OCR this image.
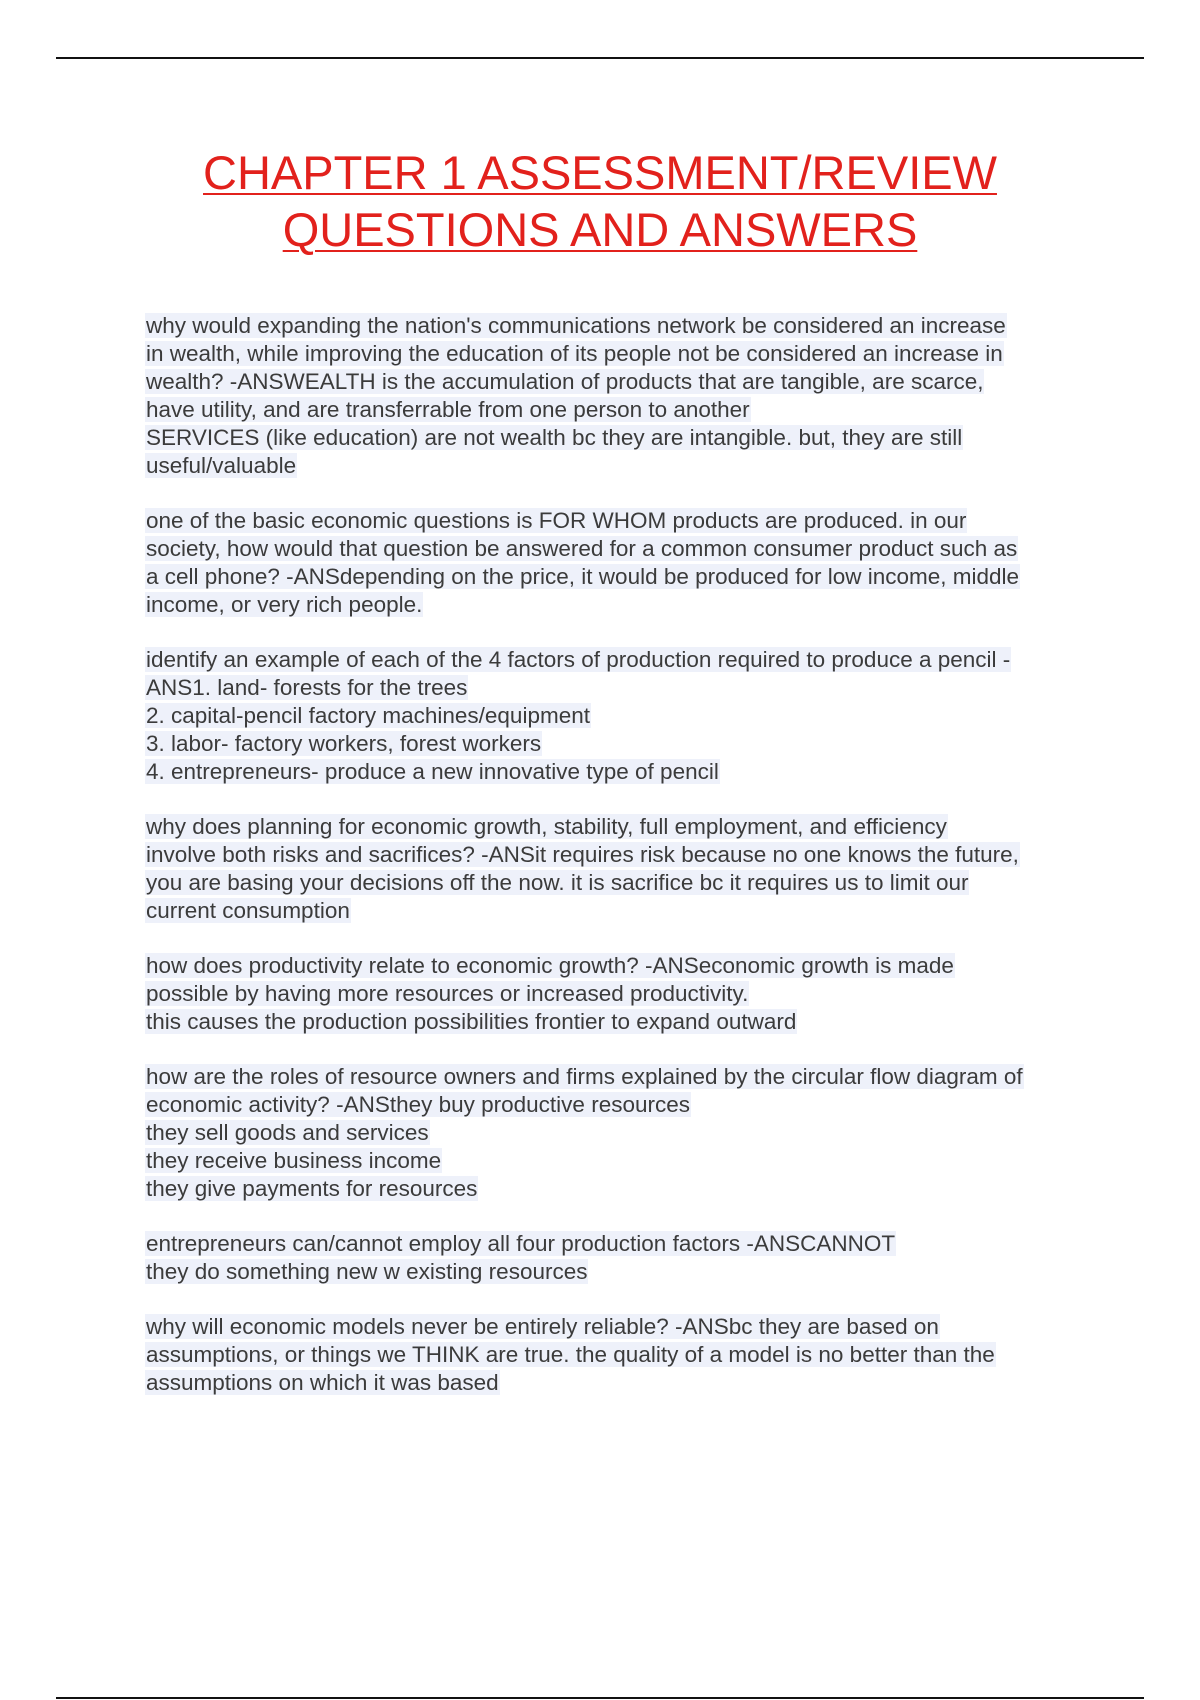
CHAPTER 1 ASSESSMENT/REVIEW
QUESTIONS AND ANSWERS
why would expanding the nation's communications network be considered an increase
in wealth, while improving the education of its people not be considered an increase in
wealth? -ANSWEALTH is the accumulation of products that are tangible, are scarce,
have utility, and are transferrable from one person to another
SERVICES (like education) are not wealth bc they are intangible. but, they are still
useful/valuable
one of the basic economic questions is FOR WHOM products are produced. in our
society, how would that question be answered for a common consumer product such as
a cell phone? -ANSdepending on the price, it would be produced for low income, middle
income, or very rich people.
identify an example of each of the 4 factors of production required to produce a pencil -
ANS1. land- forests for the trees
2. capital-pencil factory machines/equipment
3. labor- factory workers, forest workers
4. entrepreneurs- produce a new innovative type of pencil
why does planning for economic growth, stability, full employment, and efficiency
involve both risks and sacrifices? -ANSit requires risk because no one knows the future,
you are basing your decisions off the now. it is sacrifice bc it requires us to limit our
current consumption
how does productivity relate to economic growth? -ANSeconomic growth is made
possible by having more resources or increased productivity.
this causes the production possibilities frontier to expand outward
how are the roles of resource owners and firms explained by the circular flow diagram of
economic activity? -ANSthey buy productive resources
they sell goods and services
they receive business income
they give payments for resources
entrepreneurs can/cannot employ all four production factors -ANSCANNOT
they do something new w existing resources
why will economic models never be entirely reliable? -ANSbc they are based on
assumptions, or things we THINK are true. the quality of a model is no better than the
assumptions on which it was based
